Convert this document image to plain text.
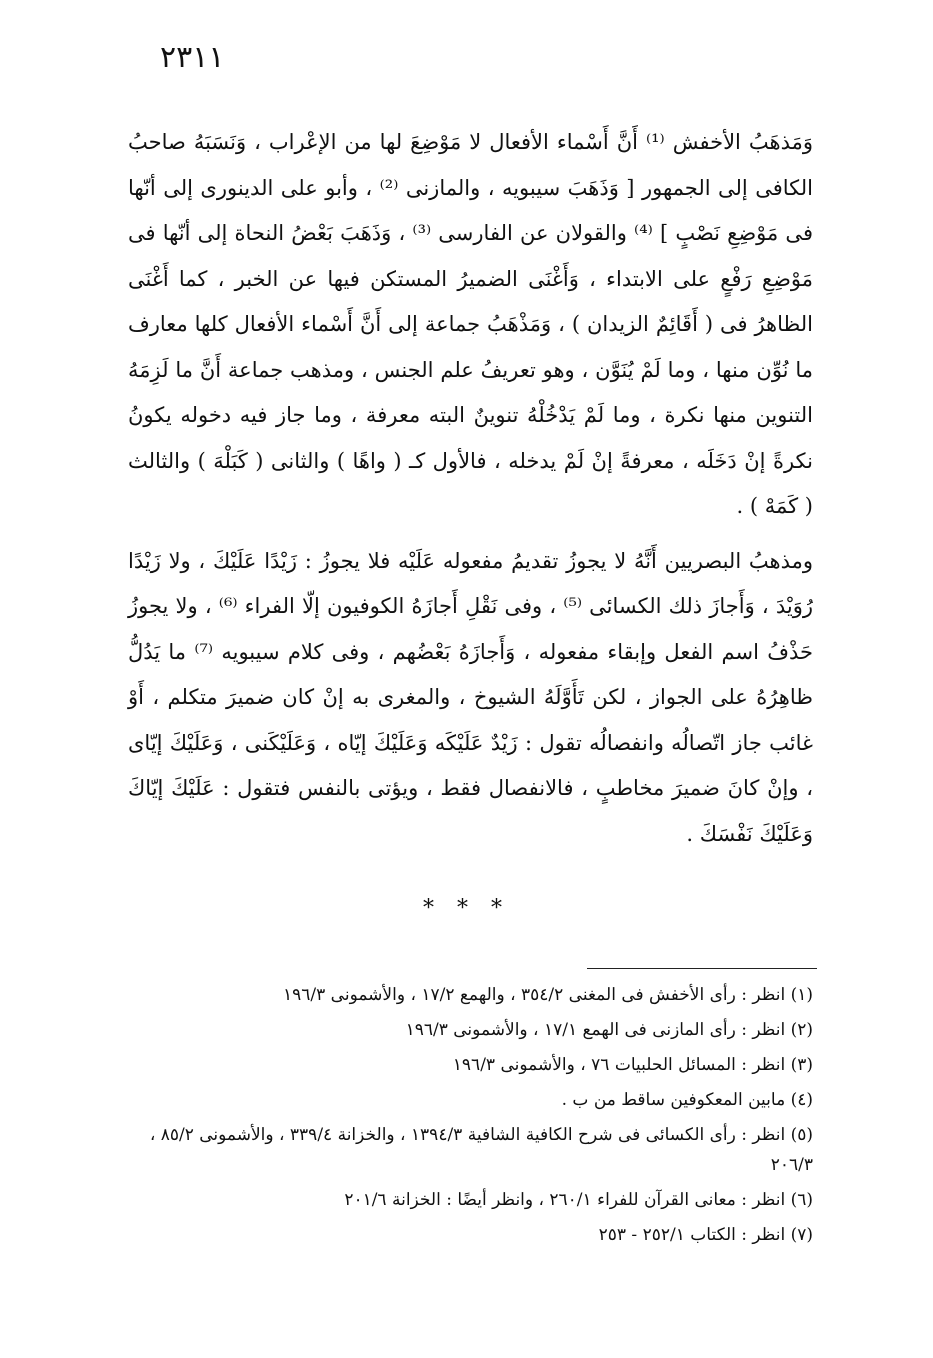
٢٣١١

وَمَذهَبُ الأخفش ⁽¹⁾ أَنَّ أَسْماء الأفعال لا مَوْضِعَ لها من الإعْراب ، وَنَسَبَهُ صاحبُ الكافى إلى الجمهور [ وَذَهَبَ سيبويه ، والمازنى ⁽²⁾ ، وأبو على الدينورى إلى أنّها فى مَوْضِعِ نَصْبٍ ] ⁽⁴⁾ والقولان عن الفارسى ⁽³⁾ ، وَذَهَبَ بَعْضُ النحاة إلى أنّها فى مَوْضِعِ رَفْعٍ على الابتداء ، وَأَغْنَى الضميرُ المستكن فيها عن الخبر ، كما أَغْنَى الظاهرُ فى ( أَقَائِمٌ الزيدان ) ، وَمَذْهَبُ جماعة إلى أَنَّ أَسْماء الأفعال كلها معارف ما نُوِّن منها ، وما لَمْ يُنَوَّن ، وهو تعريفُ علم الجنس ، ومذهب جماعة أَنَّ ما لَزِمَهُ التنوين منها نكرة ، وما لَمْ يَدْخُلْهُ تنوينٌ البته معرفة ، وما جاز فيه دخوله يكونُ نكرةً إنْ دَخَلَه ، معرفةً إنْ لَمْ يدخله ، فالأول كـ ( واهًا ) والثانى ( كَبَلْهَ ) والثالث ( كَمَهْ ) .

ومذهبُ البصريين أَنَّهُ لا يجوزُ تقديمُ مفعوله عَلَيْه فلا يجوزُ : زَيْدًا عَلَيْكَ ، ولا زَيْدًا رُوَيْدَ ، وَأَجازَ ذلك الكسائى ⁽⁵⁾ ، وفى نَقْلِ أَجازَهُ الكوفيون إلّا الفراء ⁽⁶⁾ ، ولا يجوزُ حَذْفُ اسم الفعل وإبقاء مفعوله ، وَأَجازَهُ بَعْضُهم ، وفى كلام سيبويه ⁽⁷⁾ ما يَدُلُّ ظاهِرُهُ على الجواز ، لكن تَأَوَّلَهُ الشيوخ ، والمغرى به إنْ كان ضميرَ متكلم ، أَوْ غائب جاز اتّصالُه وانفصالُه تقول : زَيْدٌ عَلَيْكَه وَعَلَيْكَ إيّاه ، وَعَلَيْكَنى ، وَعَلَيْكَ إيّاى ، وإنْ كانَ ضميرَ مخاطبٍ ، فالانفصال فقط ، ويؤتى بالنفس فتقول : عَلَيْكَ إيّاكَ وَعَلَيْكَ نَفْسَكَ .

* * *
(١) انظر : رأى الأخفش فى المغنى ٣٥٤/٢ ، والهمع ١٧/٢ ، والأشمونى ١٩٦/٣
(٢) انظر : رأى المازنى فى الهمع ١٧/١ ، والأشمونى ١٩٦/٣
(٣) انظر : المسائل الحلبيات ٧٦ ، والأشمونى ١٩٦/٣
(٤) مابين المعكوفين ساقط من ب .
(٥) انظر : رأى الكسائى فى شرح الكافية الشافية ١٣٩٤/٣ ، والخزانة ٣٣٩/٤ ، والأشمونى ٨٥/٢ ، ٢٠٦/٣
(٦) انظر : معانى القرآن للفراء ٢٦٠/١ ، وانظر أيضًا : الخزانة ٢٠١/٦
(٧) انظر : الكتاب ٢٥٢/١ - ٢٥٣
